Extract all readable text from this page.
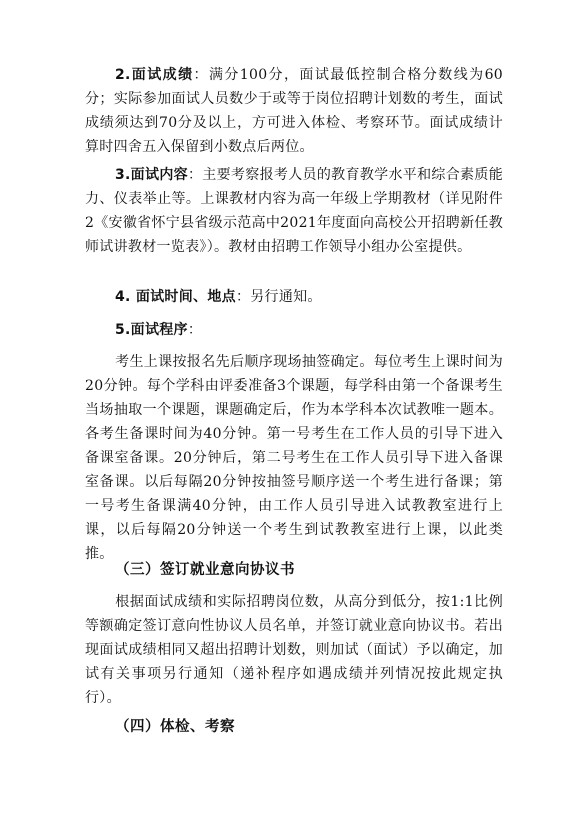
2.面试成绩：满分100分，面试最低控制合格分数线为60分；实际参加面试人员数少于或等于岗位招聘计划数的考生，面试成绩须达到70分及以上，方可进入体检、考察环节。面试成绩计算时四舍五入保留到小数点后两位。
3.面试内容：主要考察报考人员的教育教学水平和综合素质能力、仪表举止等。上课教材内容为高一年级上学期教材（详见附件2《安徽省怀宁县省级示范高中2021年度面向高校公开招聘新任教师试讲教材一览表》）。教材由招聘工作领导小组办公室提供。
4. 面试时间、地点：另行通知。
5.面试程序：
考生上课按报名先后顺序现场抽签确定。每位考生上课时间为20分钟。每个学科由评委准备3个课题，每学科由第一个备课考生当场抽取一个课题，课题确定后，作为本学科本次试教唯一题本。各考生备课时间为40分钟。第一号考生在工作人员的引导下进入备课室备课。20分钟后，第二号考生在工作人员引导下进入备课室备课。以后每隔20分钟按抽签号顺序送一个考生进行备课；第一号考生备课满40分钟，由工作人员引导进入试教教室进行上课，以后每隔20分钟送一个考生到试教教室进行上课，以此类推。
（三）签订就业意向协议书
根据面试成绩和实际招聘岗位数，从高分到低分，按1:1比例等额确定签订意向性协议人员名单，并签订就业意向协议书。若出现面试成绩相同又超出招聘计划数，则加试（面试）予以确定，加试有关事项另行通知（递补程序如遇成绩并列情况按此规定执行）。
（四）体检、考察
